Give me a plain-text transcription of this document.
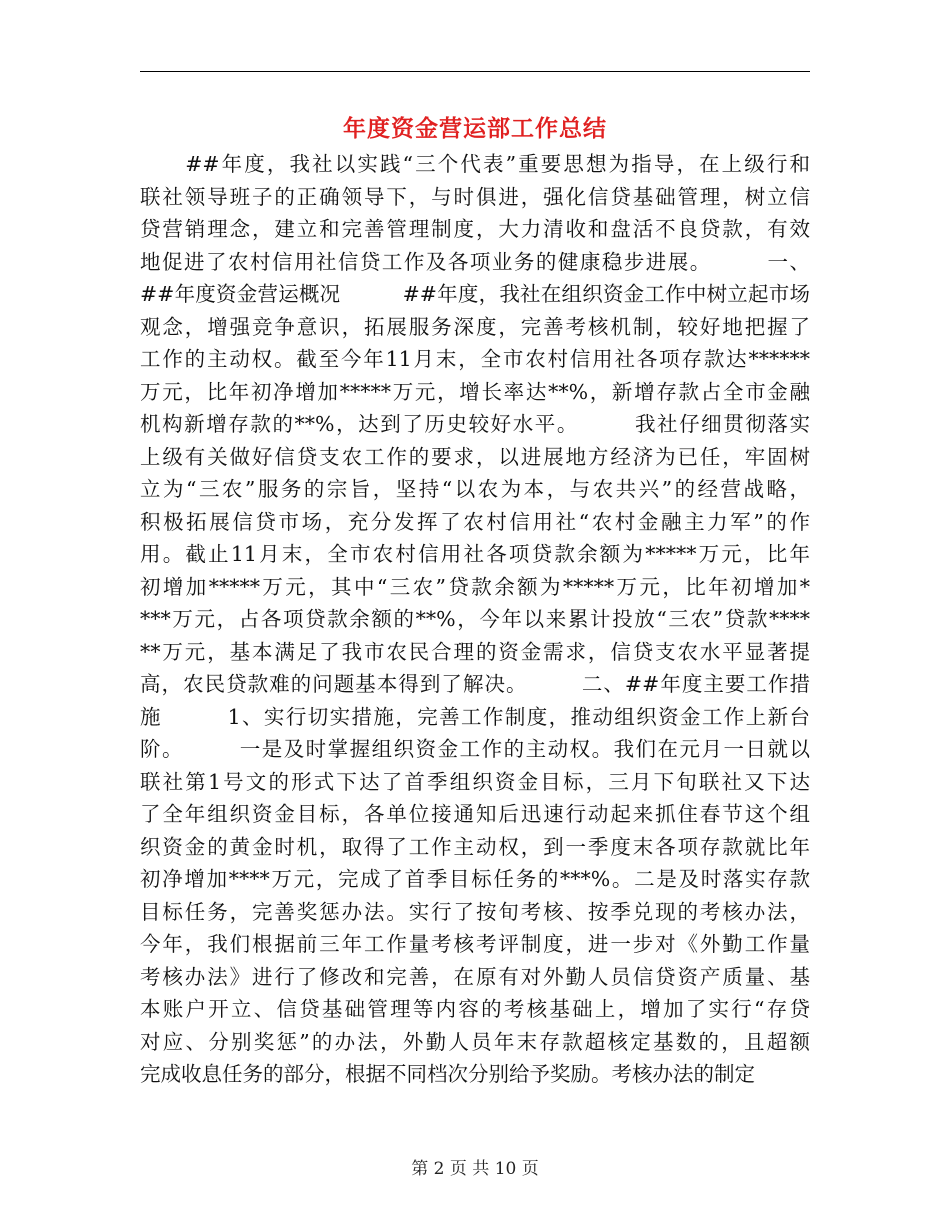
年度资金营运部工作总结
　　##年度，我社以实践“三个代表”重要思想为指导，在上级行和
联社领导班子的正确领导下，与时俱进，强化信贷基础管理，树立信
贷营销理念，建立和完善管理制度，大力清收和盘活不良贷款，有效
地促进了农村信用社信贷工作及各项业务的健康稳步进展。　　　一、
##年度资金营运概况　　　##年度，我社在组织资金工作中树立起市场
观念，增强竞争意识，拓展服务深度，完善考核机制，较好地把握了
工作的主动权。截至今年11月末，全市农村信用社各项存款达******
万元，比年初净增加*****万元，增长率达**%，新增存款占全市金融
机构新增存款的**%，达到了历史较好水平。　　　我社仔细贯彻落实
上级有关做好信贷支农工作的要求，以进展地方经济为已任，牢固树
立为“三农”服务的宗旨，坚持“以农为本，与农共兴”的经营战略，
积极拓展信贷市场，充分发挥了农村信用社“农村金融主力军”的作
用。截止11月末，全市农村信用社各项贷款余额为*****万元，比年
初增加*****万元，其中“三农”贷款余额为*****万元，比年初增加*
***万元，占各项贷款余额的**%，今年以来累计投放“三农”贷款****
**万元，基本满足了我市农民合理的资金需求，信贷支农水平显著提
高，农民贷款难的问题基本得到了解决。　　　二、##年度主要工作措
施　　　1、实行切实措施，完善工作制度，推动组织资金工作上新台
阶。　　　一是及时掌握组织资金工作的主动权。我们在元月一日就以
联社第1号文的形式下达了首季组织资金目标，三月下旬联社又下达
了全年组织资金目标，各单位接通知后迅速行动起来抓住春节这个组
织资金的黄金时机，取得了工作主动权，到一季度末各项存款就比年
初净增加****万元，完成了首季目标任务的***%。二是及时落实存款
目标任务，完善奖惩办法。实行了按旬考核、按季兑现的考核办法，
今年，我们根据前三年工作量考核考评制度，进一步对《外勤工作量
考核办法》进行了修改和完善，在原有对外勤人员信贷资产质量、基
本账户开立、信贷基础管理等内容的考核基础上，增加了实行“存贷
对应、分别奖惩”的办法，外勤人员年末存款超核定基数的，且超额
完成收息任务的部分，根据不同档次分别给予奖励。考核办法的制定
第 2 页 共 10 页
